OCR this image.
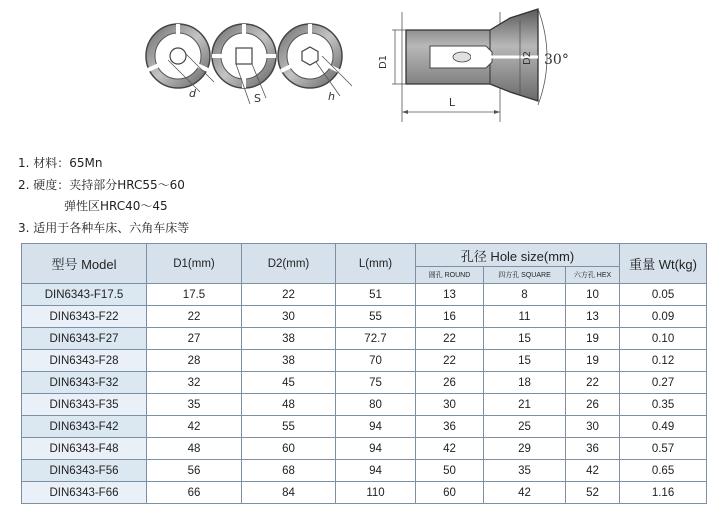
d	S	h
D1	D2
L
30°
1. 材料：65Mn
2. 硬度：夹持部分HRC55～60
弹性区HRC40～45
3. 适用于各种车床、六角车床等
型号 Model	D1(mm)	D2(mm)	L(mm)	孔径 Hole size(mm)			重量 Wt(kg)
				圆孔 ROUND	四方孔 SQUARE	六方孔 HEX	
DIN6343-F17.5	17.5	22	51	13	8	10	0.05
DIN6343-F22	22	30	55	16	11	13	0.09
DIN6343-F27	27	38	72.7	22	15	19	0.10
DIN6343-F28	28	38	70	22	15	19	0.12
DIN6343-F32	32	45	75	26	18	22	0.27
DIN6343-F35	35	48	80	30	21	26	0.35
DIN6343-F42	42	55	94	36	25	30	0.49
DIN6343-F48	48	60	94	42	29	36	0.57
DIN6343-F56	56	68	94	50	35	42	0.65
DIN6343-F66	66	84	110	60	42	52	1.16
